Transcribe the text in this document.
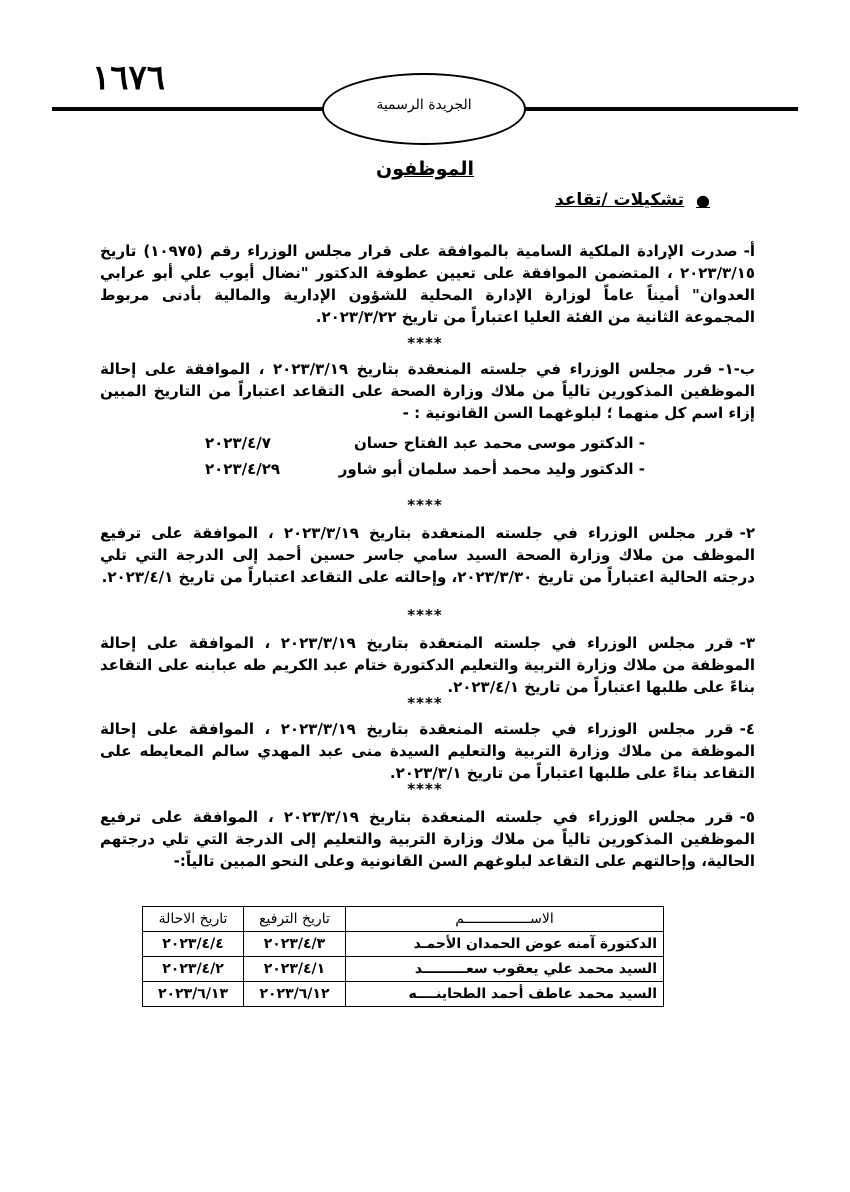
١٦٧٦
الجريدة الرسمية
الموظفون
●
تشكيلات /تقاعد
أ-صدرت الإرادة الملكية السامية بالموافقة على قرار مجلس الوزراء رقم (١٠٩٧٥) تاريخ ٢٠٢٣/٣/١٥ ، المتضمن الموافقة على تعيين عطوفة الدكتور "نضال أيوب علي أبو عرابي العدوان" أميناً عاماً لوزارة الإدارة المحلية للشؤون الإدارية والمالية بأدنى مربوط المجموعة الثانية من الفئة العليا اعتباراً من تاريخ ٢٠٢٣/٣/٢٢.
****
ب-١-قرر مجلس الوزراء في جلسته المنعقدة بتاريخ ٢٠٢٣/٣/١٩ ، الموافقة على إحالة الموظفين المذكورين تالياً من ملاك وزارة الصحة على التقاعد اعتباراً من التاريخ المبين إزاء اسم كل منهما ؛ لبلوغهما السن القانونية : -
- الدكتور موسى محمد عبد الفتاح حسان
٢٠٢٣/٤/٧
- الدكتور وليد محمد أحمد سلمان أبو شاور
٢٠٢٣/٤/٢٩
****
٢-قرر مجلس الوزراء في جلسته المنعقدة بتاريخ ٢٠٢٣/٣/١٩ ، الموافقة على ترفيع الموظف من ملاك وزارة الصحة السيد سامي جاسر حسين أحمد إلى الدرجة التي تلي درجته الحالية اعتباراً من تاريخ ٢٠٢٣/٣/٣٠، وإحالته على التقاعد اعتباراً من تاريخ ٢٠٢٣/٤/١.
****
٣-قرر مجلس الوزراء في جلسته المنعقدة بتاريخ ٢٠٢٣/٣/١٩ ، الموافقة على إحالة الموظفة من ملاك وزارة التربية والتعليم الدكتورة ختام عبد الكريم طه عبابنه على التقاعد بناءً على طلبها اعتباراً من تاريخ ٢٠٢٣/٤/١.
****
٤-قرر مجلس الوزراء في جلسته المنعقدة بتاريخ ٢٠٢٣/٣/١٩ ، الموافقة على إحالة الموظفة من ملاك وزارة التربية والتعليم السيدة منى عبد المهدي سالم المعايطه على التقاعد بناءً على طلبها اعتباراً من تاريخ ٢٠٢٣/٣/١.
****
٥-قرر مجلس الوزراء في جلسته المنعقدة بتاريخ ٢٠٢٣/٣/١٩ ، الموافقة على ترفيع الموظفين المذكورين تالياً من ملاك وزارة التربية والتعليم إلى الدرجة التي تلي درجتهم الحالية، وإحالتهم على التقاعد لبلوغهم السن القانونية وعلى النحو المبين تالياً:-
الاســــــــــــــــم	تاريخ الترفيع	تاريخ الاحالة
الدكتورة آمنه عوض الحمدان الأحمـد	٢٠٢٣/٤/٣	٢٠٢٣/٤/٤
السيد محمد علي يعقوب سعـــــــــد	٢٠٢٣/٤/١	٢٠٢٣/٤/٢
السيد محمد عاطف أحمد الطحاينــــه	٢٠٢٣/٦/١٢	٢٠٢٣/٦/١٣
